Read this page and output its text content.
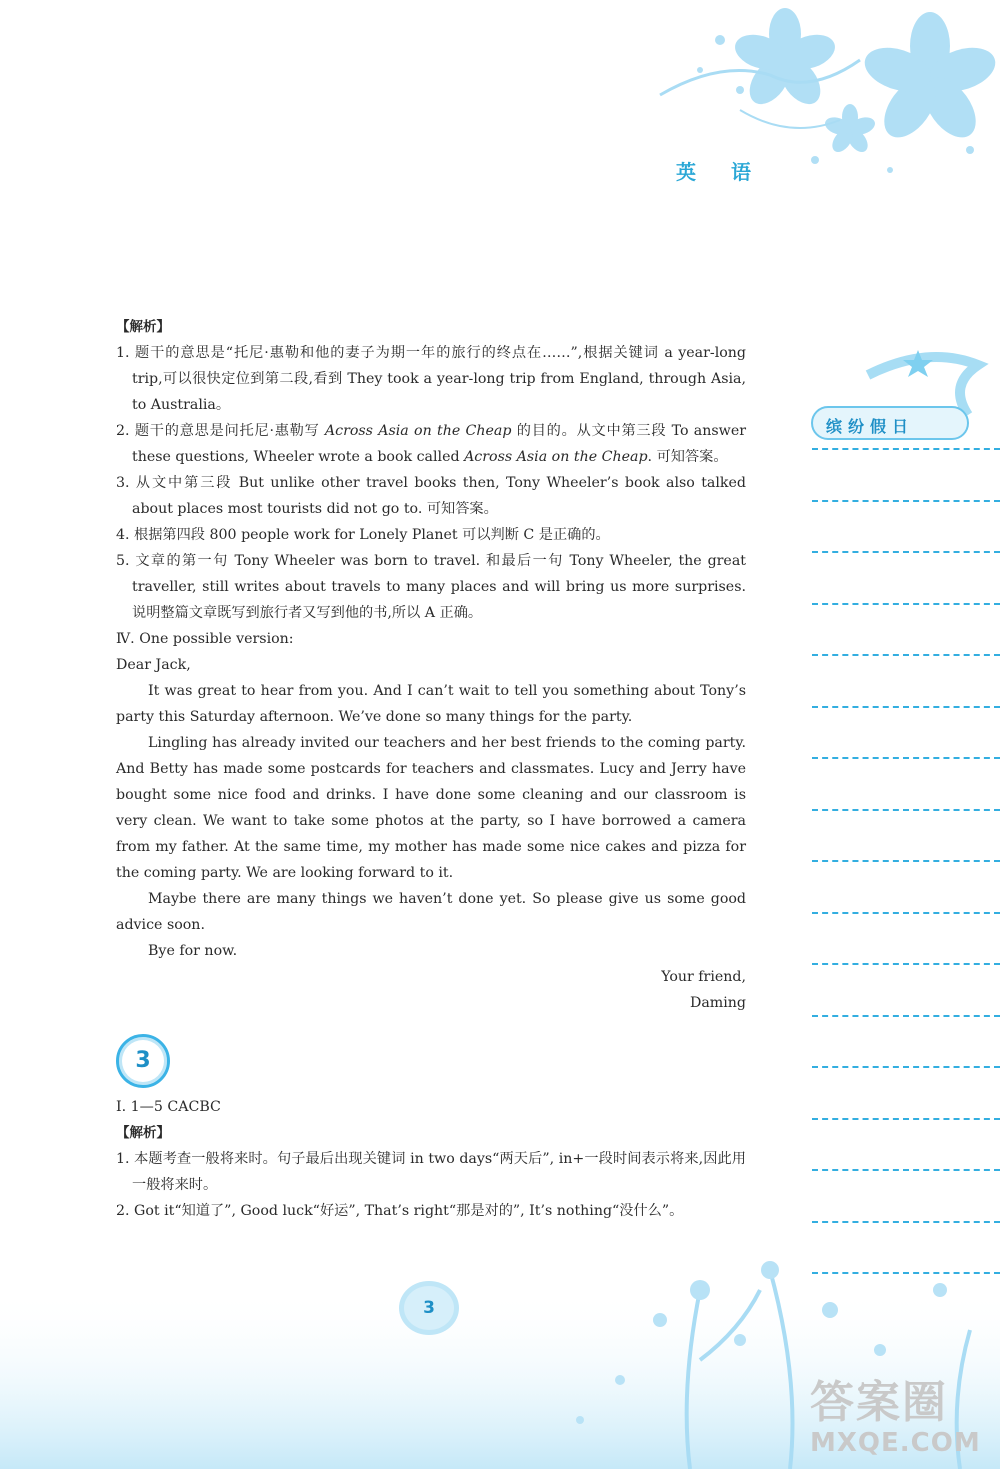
英 语
缤纷假日

【解析】

1. 题干的意思是“托尼·惠勒和他的妻子为期一年的旅行的终点在……”,根据关键词 a year-long trip,可以很快定位到第二段,看到 They took a year-long trip from England, through Asia, to Australia。

2. 题干的意思是问托尼·惠勒写 Across Asia on the Cheap 的目的。从文中第三段 To answer these questions, Wheeler wrote a book called Across Asia on the Cheap. 可知答案。

3. 从文中第三段 But unlike other travel books then, Tony Wheeler’s book also talked about places most tourists did not go to. 可知答案。

4. 根据第四段 800 people work for Lonely Planet 可以判断 C 是正确的。

5. 文章的第一句 Tony Wheeler was born to travel. 和最后一句 Tony Wheeler, the great traveller, still writes about travels to many places and will bring us more surprises. 说明整篇文章既写到旅行者又写到他的书,所以 A 正确。

Ⅳ. One possible version:

Dear Jack,

It was great to hear from you. And I can’t wait to tell you something about Tony’s party this Saturday afternoon. We’ve done so many things for the party.

Lingling has already invited our teachers and her best friends to the coming party. And Betty has made some postcards for teachers and classmates. Lucy and Jerry have bought some nice food and drinks. I have done some cleaning and our classroom is very clean. We want to take some photos at the party, so I have borrowed a camera from my father. At the same time, my mother has made some nice cakes and pizza for the coming party. We are looking forward to it.

Maybe there are many things we haven’t done yet. So please give us some good advice soon.

Bye for now.

Your friend,

Daming

3

Ⅰ. 1—5 CACBC

【解析】

1. 本题考查一般将来时。句子最后出现关键词 in two days“两天后”, in+一段时间表示将来,因此用一般将来时。

2. Got it“知道了”, Good luck“好运”, That’s right“那是对的”, It’s nothing“没什么”。

3
答案圈
MXQE.COM
